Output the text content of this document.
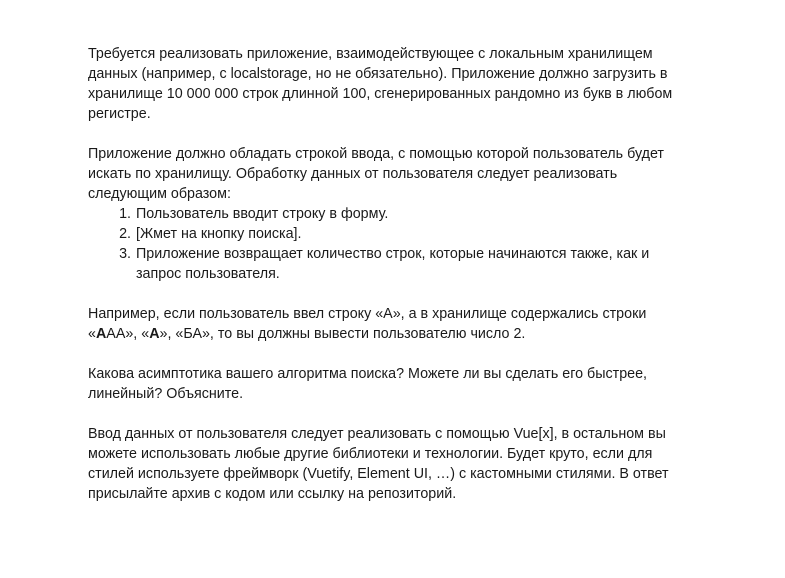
Требуется реализовать приложение, взаимодействующее с локальным хранилищем данных (например, с localstorage, но не обязательно). Приложение должно загрузить в хранилище 10 000 000 строк длинной 100, сгенерированных рандомно из букв в любом регистре.

Приложение должно обладать строкой ввода, с помощью которой пользователь будет искать по хранилищу. Обработку данных от пользователя следует реализовать следующим образом:

1. Пользователь вводит строку в форму.
2. [Жмет на кнопку поиска].
3. Приложение возвращает количество строк, которые начинаются также, как и запрос пользователя.

Например, если пользователь ввел строку «А», а в хранилище содержались строки «ААА», «А», «БА», то вы должны вывести пользователю число 2.

Какова асимптотика вашего алгоритма поиска? Можете ли вы сделать его быстрее, линейный? Объясните.

Ввод данных от пользователя следует реализовать с помощью Vue[x], в остальном вы можете использовать любые другие библиотеки и технологии. Будет круто, если для стилей используете фреймворк (Vuetify, Element UI, …) с кастомными стилями. В ответ присылайте архив с кодом или ссылку на репозиторий.
